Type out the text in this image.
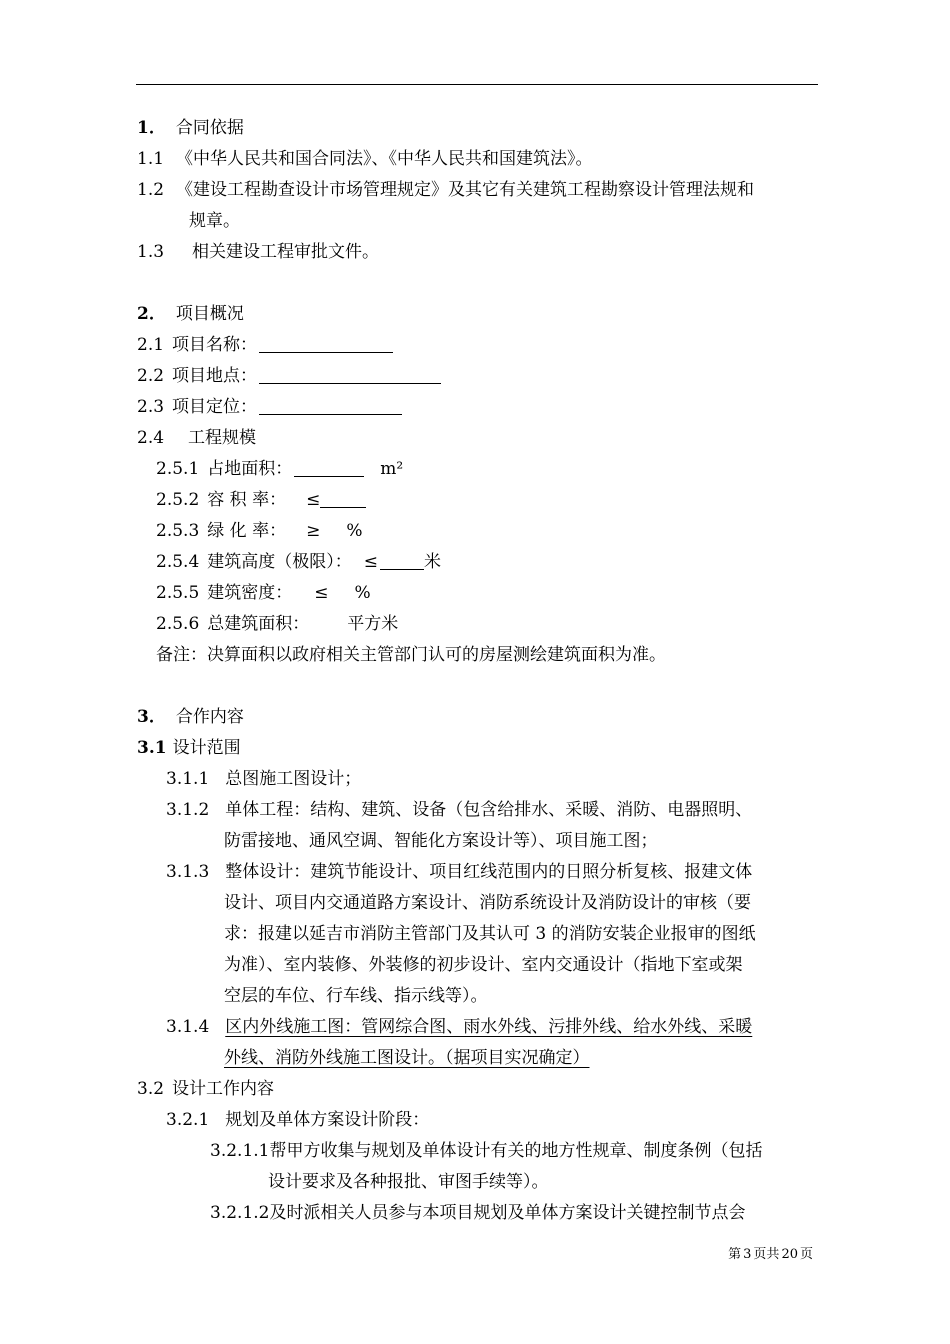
1． 合同依据
1.1 《中华人民共和国合同法》、《中华人民共和国建筑法》。
1.2 《建设工程勘查设计市场管理规定》及其它有关建筑工程勘察设计管理法规和
规章。
1.3 相关建设工程审批文件。
2． 项目概况
2.1 项目名称：
2.2 项目地点：
2.3 项目定位：
2.4 工程规模
2.5.1 占地面积：	m²
2.5.2 容 积 率： ≤
2.5.3 绿 化 率： ≥ %
2.5.4 建筑高度（极限）： ≤	米
2.5.5 建筑密度： ≤ %
2.5.6 总建筑面积： 平方米
备注：决算面积以政府相关主管部门认可的房屋测绘建筑面积为准。
3． 合作内容
3.1 设计范围
3.1.1 总图施工图设计；
3.1.2 单体工程：结构、建筑、设备（包含给排水、采暖、消防、电器照明、
防雷接地、通风空调、智能化方案设计等）、项目施工图；
3.1.3 整体设计：建筑节能设计、项目红线范围内的日照分析复核、报建文体
设计、项目内交通道路方案设计、消防系统设计及消防设计的审核（要
求：报建以延吉市消防主管部门及其认可 3 的消防安装企业报审的图纸
为准）、室内装修、外装修的初步设计、室内交通设计（指地下室或架
空层的车位、行车线、指示线等）。
3.1.4 区内外线施工图：管网综合图、雨水外线、污排外线、给水外线、采暖
外线、消防外线施工图设计。（据项目实况确定）
3.2 设计工作内容
3.2.1 规划及单体方案设计阶段：
3.2.1.1帮甲方收集与规划及单体设计有关的地方性规章、制度条例（包括
设计要求及各种报批、审图手续等）。
3.2.1.2及时派相关人员参与本项目规划及单体方案设计关键控制节点会
第 3 页共 20 页
